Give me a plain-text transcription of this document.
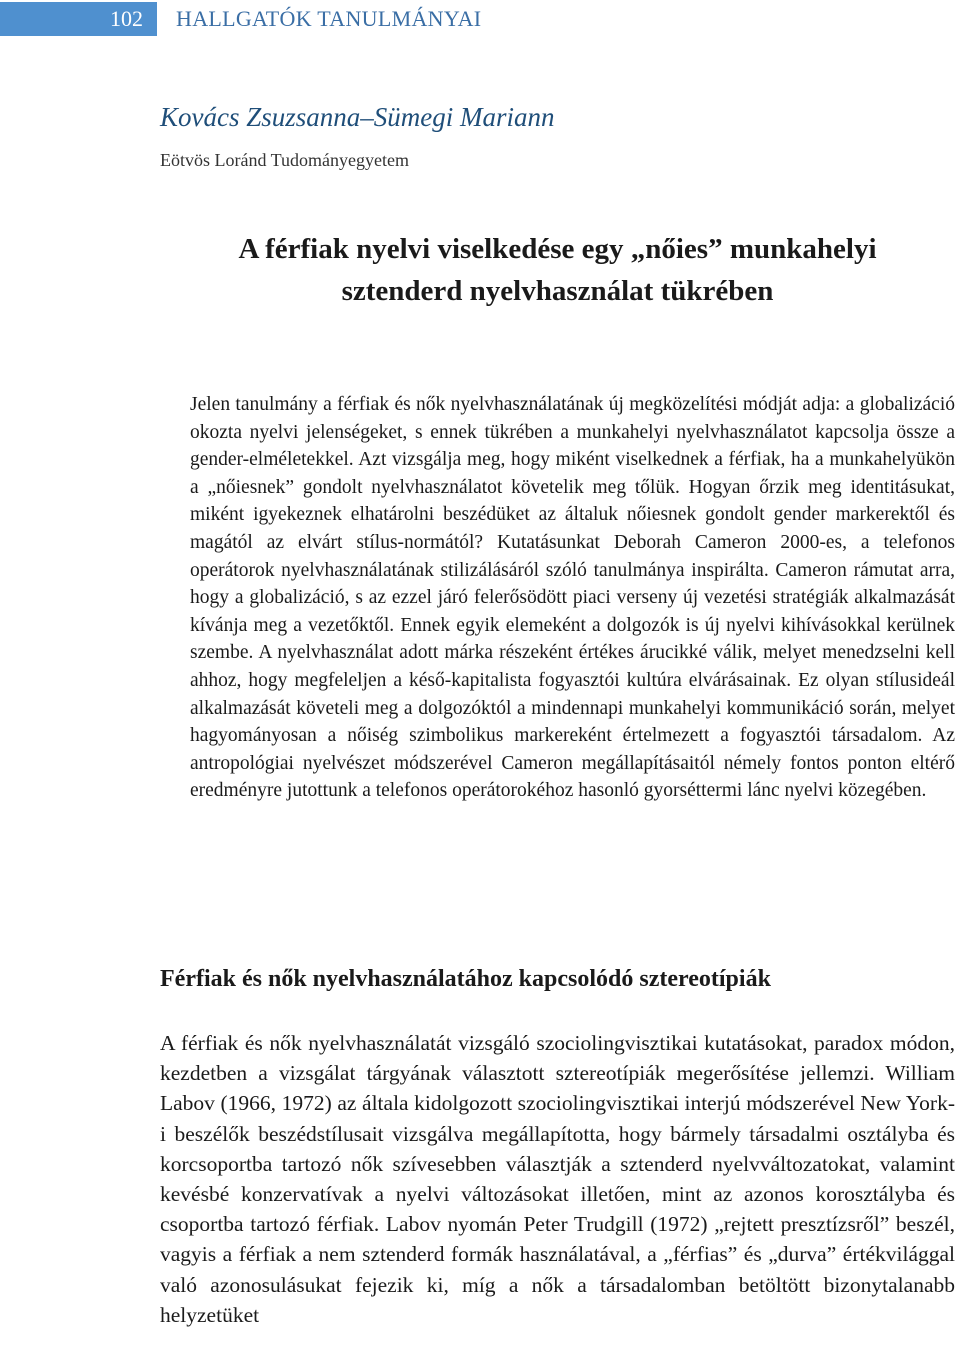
102	HALLGATÓK TANULMÁNYAI
Kovács Zsuzsanna–Sümegi Mariann
Eötvös Loránd Tudományegyetem
A férfiak nyelvi viselkedése egy „nőies” munkahelyi
sztenderd nyelvhasználat tükrében

Jelen tanulmány a férfiak és nők nyelvhasználatának új megközelítési módját adja: a globalizáció okozta nyelvi jelenségeket, s ennek tükrében a munkahelyi nyelvhasználatot kapcsolja össze a gender-elméletekkel. Azt vizsgálja meg, hogy miként viselkednek a férfiak, ha a munkahelyükön a „nőiesnek” gondolt nyelvhasználatot követelik meg tőlük. Hogyan őrzik meg identitásukat, miként igyekeznek elhatárolni beszédüket az általuk nőiesnek gondolt gender markerektől és magától az elvárt stílus-normától? Kutatásunkat Deborah Cameron 2000-es, a telefonos operátorok nyelvhasználatának stilizálásáról szóló tanulmánya inspirálta. Cameron rámutat arra, hogy a globalizáció, s az ezzel járó felerősödött piaci verseny új vezetési stratégiák alkalmazását kívánja meg a vezetőktől. Ennek egyik elemeként a dolgozók is új nyelvi kihívásokkal kerülnek szembe. A nyelvhasználat adott márka részeként értékes árucikké válik, melyet menedzselni kell ahhoz, hogy megfeleljen a késő-kapitalista fogyasztói kultúra elvárásainak. Ez olyan stílusideál alkalmazását követeli meg a dolgozóktól a mindennapi munkahelyi kommunikáció során, melyet hagyományosan a nőiség szimbolikus markereként értelmezett a fogyasztói társadalom. Az antropológiai nyelvészet módszerével Cameron megállapításaitól némely fontos ponton eltérő eredményre jutottunk a telefonos operátorokéhoz hasonló gyorséttermi lánc nyelvi közegében.

Férfiak és nők nyelvhasználatához kapcsolódó sztereotípiák

A férfiak és nők nyelvhasználatát vizsgáló szociolingvisztikai kutatásokat, paradox módon, kezdetben a vizsgálat tárgyának választott sztereotípiák megerősítése jellemzi. William Labov (1966, 1972) az általa kidolgozott szociolingvisztikai interjú módszerével New York-i beszélők beszédstílusait vizsgálva megállapította, hogy bármely társadalmi osztályba és korcsoportba tartozó nők szívesebben választják a sztenderd nyelvváltozatokat, valamint kevésbé konzervatívak a nyelvi változásokat illetően, mint az azonos korosztályba és csoportba tartozó férfiak. Labov nyomán Peter Trudgill (1972) „rejtett presztízsről” beszél, vagyis a férfiak a nem sztenderd formák használatával, a „férfias” és „durva” értékvilággal való azonosulásukat fejezik ki, míg a nők a társadalomban betöltött bizonytalanabb helyzetüket
